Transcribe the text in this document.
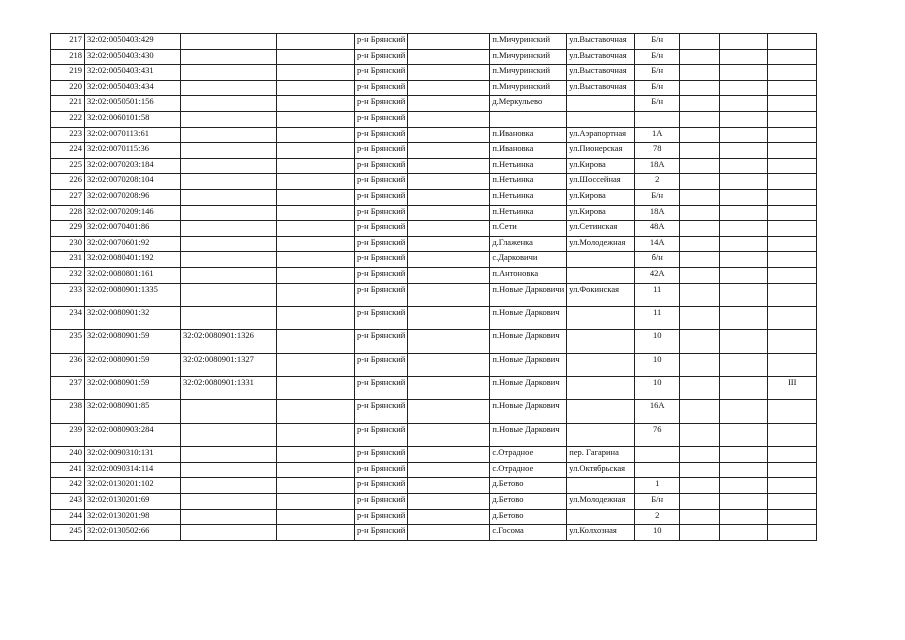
217	32:02:0050403:429			р-н Брянский		п.Мичуринский	ул.Выставочная	Б/н			
218	32:02:0050403:430			р-н Брянский		п.Мичуринский	ул.Выставочная	Б/н			
219	32:02:0050403:431			р-н Брянский		п.Мичуринский	ул.Выставочная	Б/н			
220	32:02:0050403:434			р-н Брянский		п.Мичуринский	ул.Выставочная	Б/н			
221	32:02:0050501:156			р-н Брянский		д.Меркульево		Б/н			
222	32:02:0060101:58			р-н Брянский							
223	32:02:0070113:61			р-н Брянский		п.Ивановка	ул.Аэрапортная	1А			
224	32:02:0070115:36			р-н Брянский		п.Ивановка	ул.Пионерская	78			
225	32:02:0070203:184			р-н Брянский		п.Нетьинка	ул.Кирова	18А			
226	32:02:0070208:104			р-н Брянский		п.Нетьинка	ул.Шоссейная	2			
227	32:02:0070208:96			р-н Брянский		п.Нетьинка	ул.Кирова	Б/н			
228	32:02:0070209:146			р-н Брянский		п.Нетьинка	ул.Кирова	18А			
229	32:02:0070401:86			р-н Брянский		п.Сети	ул.Сетинская	48А			
230	32:02:0070601:92			р-н Брянский		д.Глаженка	ул.Молодежная	14А			
231	32:02:0080401:192			р-н Брянский		с.Дарковичи		б/н			
232	32:02:0080801:161			р-н Брянский		п.Антоновка		42А			
233	32:02:0080901:1335			р-н Брянский		п.Новые Дарковичи	ул.Фокинская	11			
234	32:02:0080901:32			р-н Брянский		п.Новые Даркович		11			
235	32:02:0080901:59	32:02:0080901:1326		р-н Брянский		п.Новые Даркович		10			
236	32:02:0080901:59	32:02:0080901:1327		р-н Брянский		п.Новые Даркович		10			
237	32:02:0080901:59	32:02:0080901:1331		р-н Брянский		п.Новые Даркович		10			III
238	32:02:0080901:85			р-н Брянский		п.Новые Даркович		16А			
239	32:02:0080903:284			р-н Брянский		п.Новые Даркович		76			
240	32:02:0090310:131			р-н Брянский		с.Отрадное	пер. Гагарина				
241	32:02:0090314:114			р-н Брянский		с.Отрадное	ул.Октябрьская				
242	32:02:0130201:102			р-н Брянский		д.Бетово		1			
243	32:02:0130201:69			р-н Брянский		д.Бетово	ул.Молодежная	Б/н			
244	32:02:0130201:98			р-н Брянский		д.Бетово		2			
245	32:02:0130502:66			р-н Брянский		с.Госома	ул.Колхозная	10			
